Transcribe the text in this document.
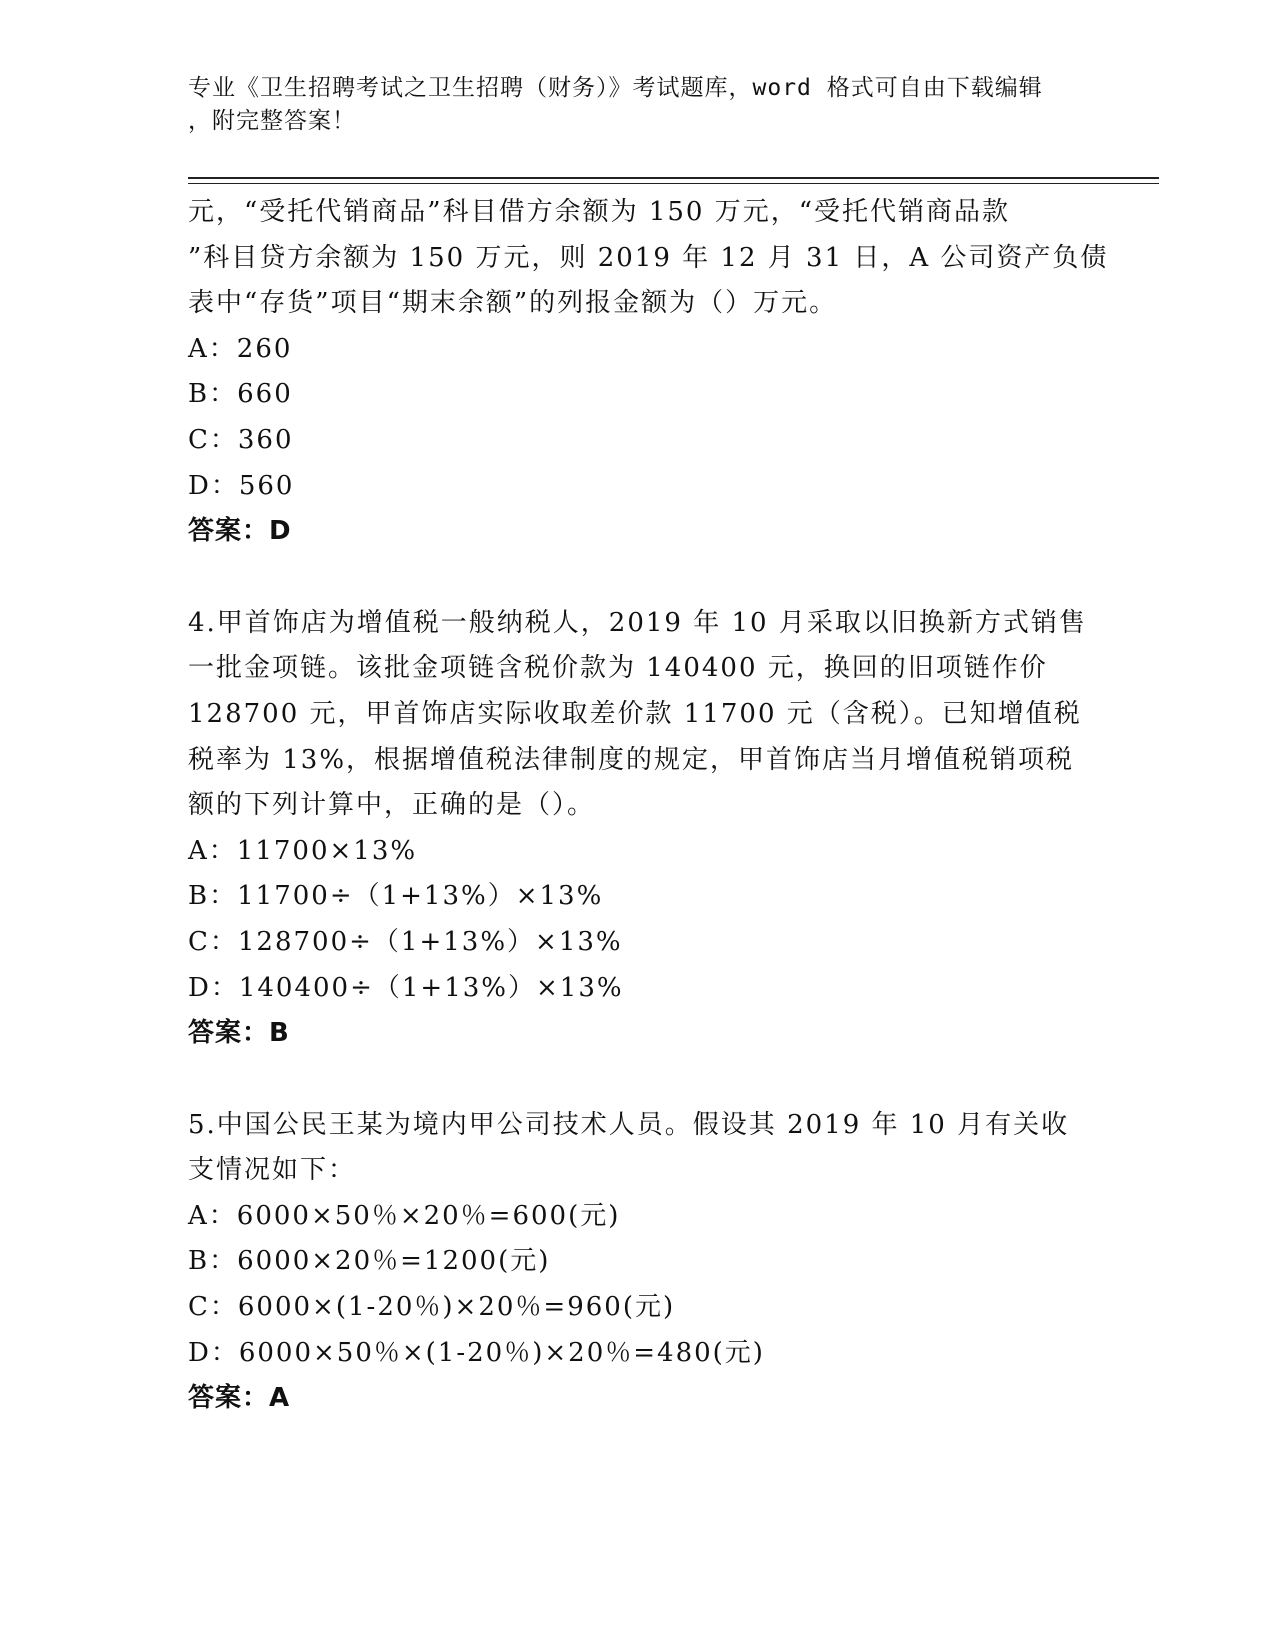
专业《卫生招聘考试之卫生招聘（财务）》考试题库，word 格式可自由下载编辑
，附完整答案！
元，“受托代销商品”科目借方余额为 150 万元，“受托代销商品款
”科目贷方余额为 150 万元，则 2019 年 12 月 31 日，A 公司资产负债
表中“存货”项目“期末余额”的列报金额为（）万元。
A：260
B：660
C：360
D：560
答案：D
4.甲首饰店为增值税一般纳税人，2019 年 10 月采取以旧换新方式销售
一批金项链。该批金项链含税价款为 140400 元，换回的旧项链作价
128700 元，甲首饰店实际收取差价款 11700 元（含税）。已知增值税
税率为 13%，根据增值税法律制度的规定，甲首饰店当月增值税销项税
额的下列计算中，正确的是（）。
A：11700×13%
B：11700÷（1+13%）×13%
C：128700÷（1+13%）×13%
D：140400÷（1+13%）×13%
答案：B
5.中国公民王某为境内甲公司技术人员。假设其 2019 年 10 月有关收
支情况如下：
A：6000×50％×20％=600(元)
B：6000×20％=1200(元)
C：6000×(1-20％)×20％=960(元)
D：6000×50％×(1-20％)×20％=480(元)
答案：A
